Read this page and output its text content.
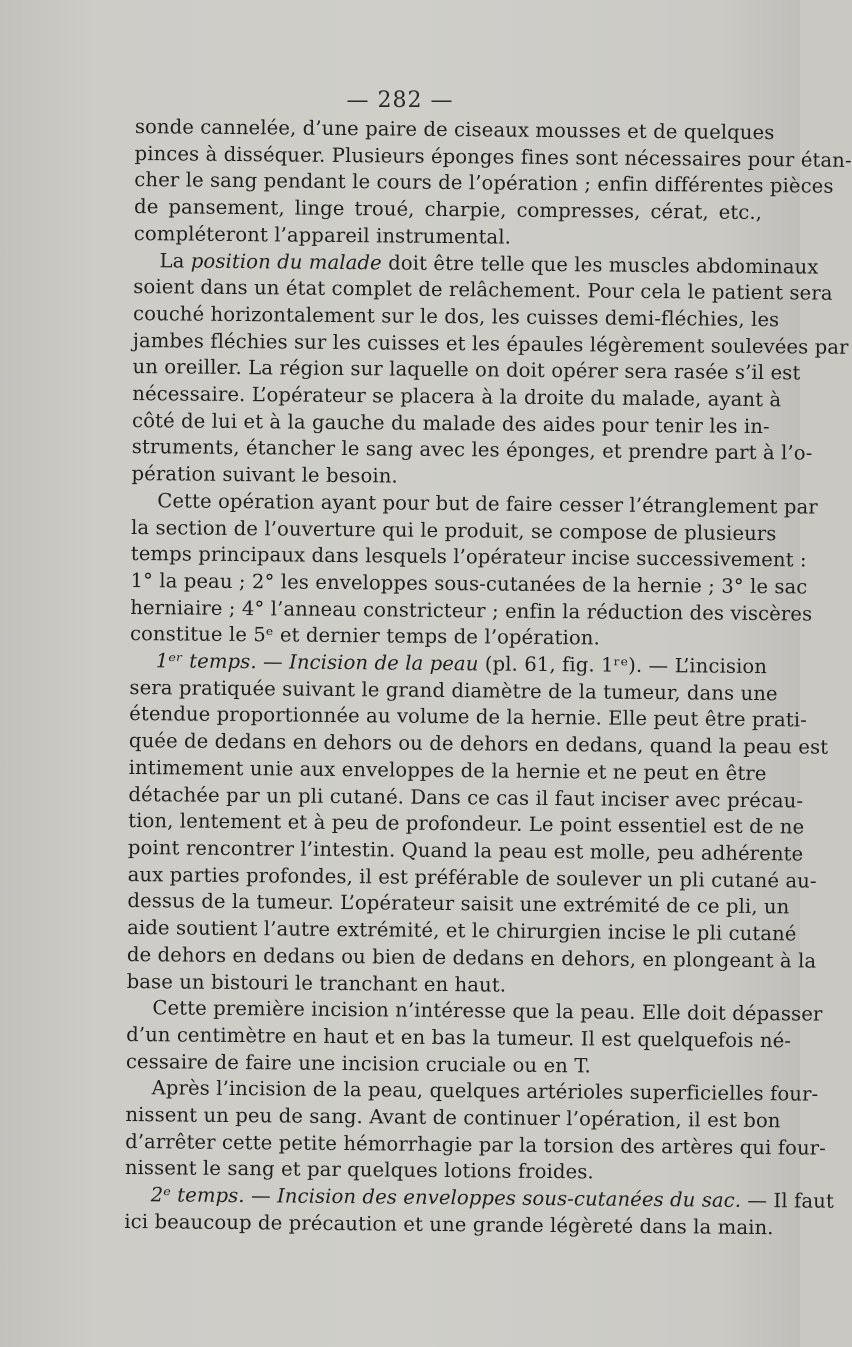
— 282 —
sonde cannelée, d’une paire de ciseaux mousses et de quelques
pinces à disséquer. Plusieurs éponges fines sont nécessaires pour étan-
cher le sang pendant le cours de l’opération ; enfin différentes pièces
de pansement, linge troué, charpie, compresses, cérat, etc.,
compléteront l’appareil instrumental.
La position du malade doit être telle que les muscles abdominaux
soient dans un état complet de relâchement. Pour cela le patient sera
couché horizontalement sur le dos, les cuisses demi-fléchies, les
jambes fléchies sur les cuisses et les épaules légèrement soulevées par
un oreiller. La région sur laquelle on doit opérer sera rasée s’il est
nécessaire. L’opérateur se placera à la droite du malade, ayant à
côté de lui et à la gauche du malade des aides pour tenir les in-
struments, étancher le sang avec les éponges, et prendre part à l’o-
pération suivant le besoin.
Cette opération ayant pour but de faire cesser l’étranglement par
la section de l’ouverture qui le produit, se compose de plusieurs
temps principaux dans lesquels l’opérateur incise successivement :
1° la peau ; 2° les enveloppes sous-cutanées de la hernie ; 3° le sac
herniaire ; 4° l’anneau constricteur ; enfin la réduction des viscères
constitue le 5ᵉ et dernier temps de l’opération.
1ᵉʳ temps. — Incision de la peau (pl. 61, fig. 1ʳᵉ). — L’incision
sera pratiquée suivant le grand diamètre de la tumeur, dans une
étendue proportionnée au volume de la hernie. Elle peut être prati-
quée de dedans en dehors ou de dehors en dedans, quand la peau est
intimement unie aux enveloppes de la hernie et ne peut en être
détachée par un pli cutané. Dans ce cas il faut inciser avec précau-
tion, lentement et à peu de profondeur. Le point essentiel est de ne
point rencontrer l’intestin. Quand la peau est molle, peu adhérente
aux parties profondes, il est préférable de soulever un pli cutané au-
dessus de la tumeur. L’opérateur saisit une extrémité de ce pli, un
aide soutient l’autre extrémité, et le chirurgien incise le pli cutané
de dehors en dedans ou bien de dedans en dehors, en plongeant à la
base un bistouri le tranchant en haut.
Cette première incision n’intéresse que la peau. Elle doit dépasser
d’un centimètre en haut et en bas la tumeur. Il est quelquefois né-
cessaire de faire une incision cruciale ou en T.
Après l’incision de la peau, quelques artérioles superficielles four-
nissent un peu de sang. Avant de continuer l’opération, il est bon
d’arrêter cette petite hémorrhagie par la torsion des artères qui four-
nissent le sang et par quelques lotions froides.
2ᵉ temps. — Incision des enveloppes sous-cutanées du sac. — Il faut
ici beaucoup de précaution et une grande légèreté dans la main.
